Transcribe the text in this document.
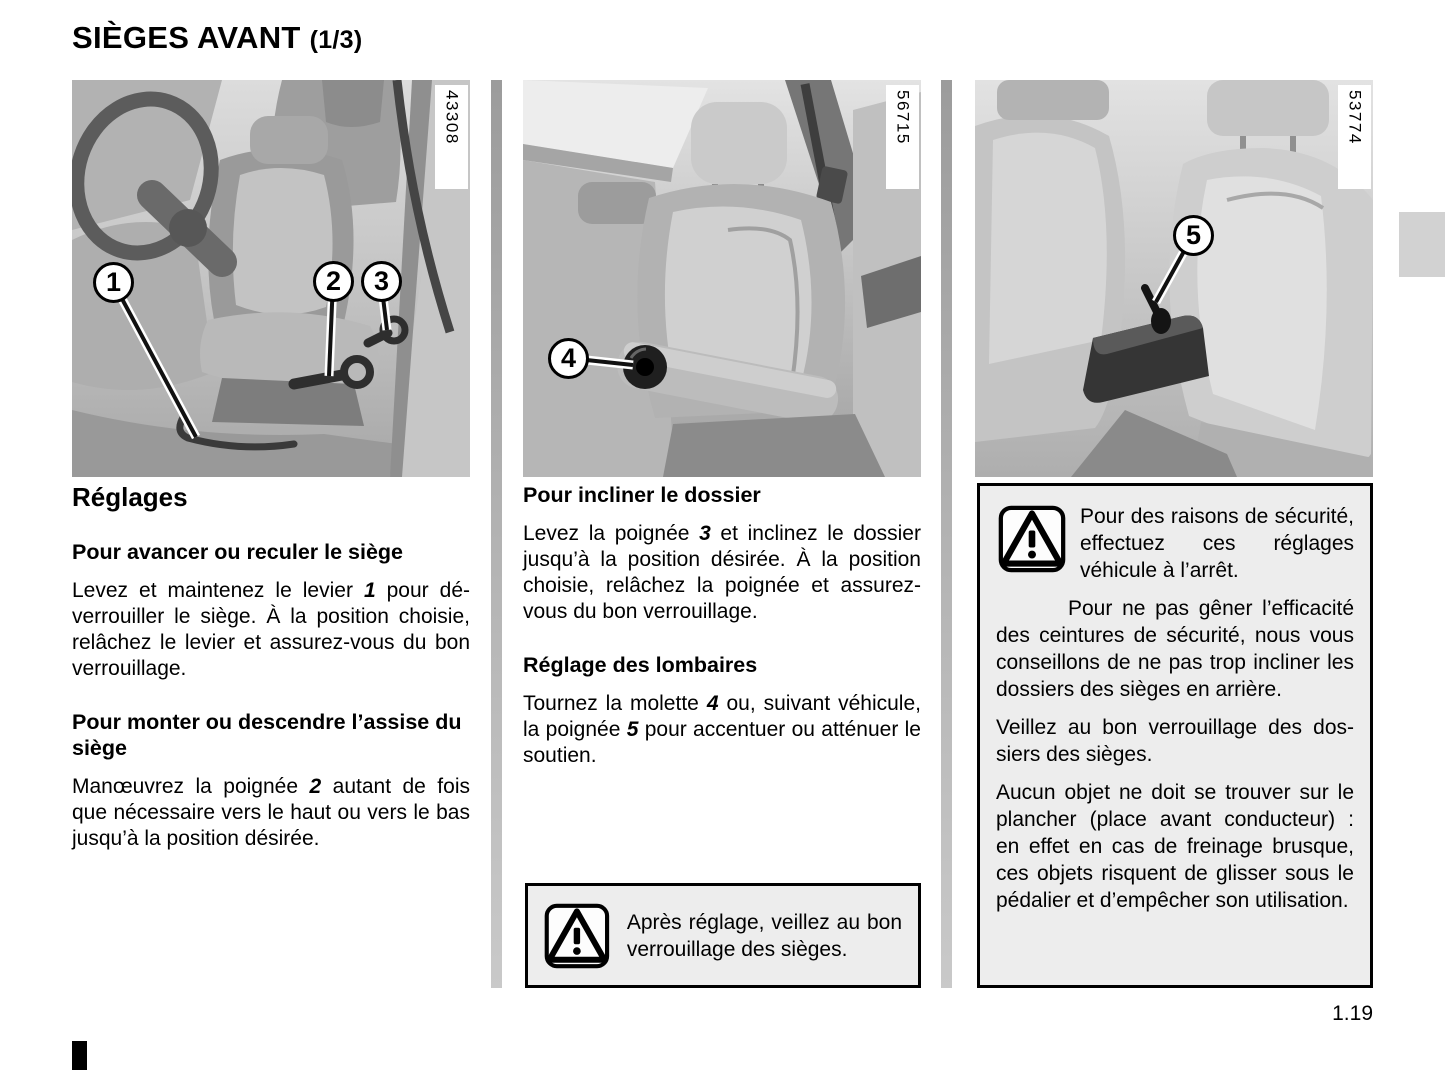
SIÈGES AVANT (1/3)
43308
1	2	3
56715
4
53774
5
Réglages
Pour avancer ou reculer le siège

Levez et maintenez le levier 1 pour déverrouiller le siège. À la position choisie, relâchez le levier et assurez-vous du bon verrouillage.

Pour monter ou descendre l’assise du siège

Manœuvrez la poignée 2 autant de fois que nécessaire vers le haut ou vers le bas jusqu’à la position désirée.

Pour incliner le dossier

Levez la poignée 3 et inclinez le dossier jusqu’à la position désirée. À la position choisie, relâchez la poignée et assurez-vous du bon verrouillage.

Réglage des lombaires

Tournez la molette 4 ou, suivant véhicule, la poignée 5 pour accentuer ou atténuer le soutien.

Après réglage, veillez au bon verrouillage des sièges.

Pour des raisons de sécurité, effectuez ces réglages véhicule à l’arrêt.

Pour ne pas gêner l’efficacité des ceintures de sécurité, nous vous conseillons de ne pas trop incliner les dossiers des sièges en arrière.

Veillez au bon verrouillage des dossiers des sièges.

Aucun objet ne doit se trouver sur le plancher (place avant conducteur) : en effet en cas de freinage brusque, ces objets risquent de glisser sous le pédalier et d’empêcher son utilisation.

1.19
